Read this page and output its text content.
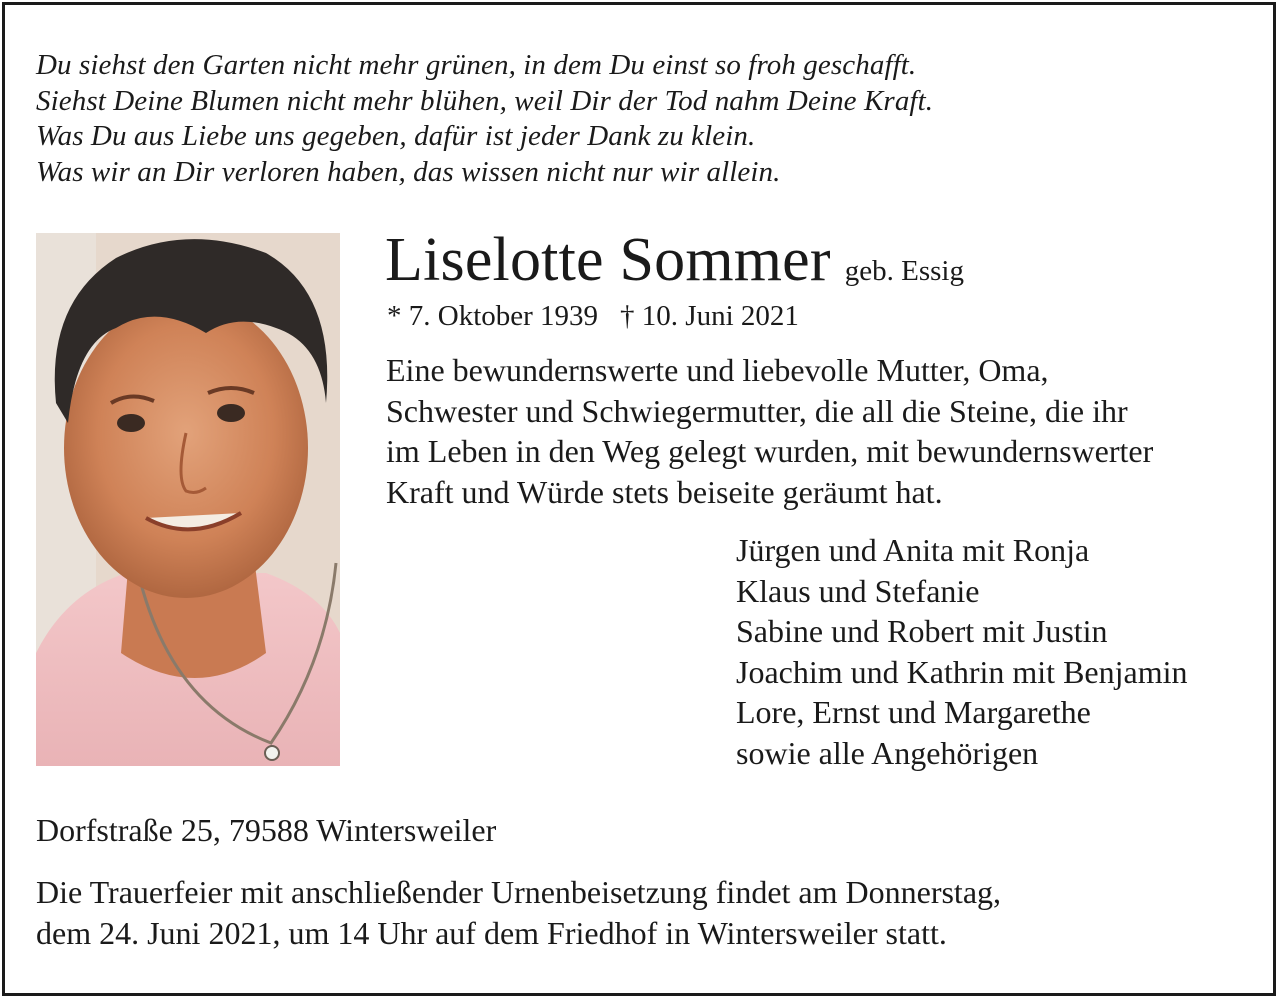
Du siehst den Garten nicht mehr grünen, in dem Du einst so froh geschafft.
Siehst Deine Blumen nicht mehr blühen, weil Dir der Tod nahm Deine Kraft.
Was Du aus Liebe uns gegeben, dafür ist jeder Dank zu klein.
Was wir an Dir verloren haben, das wissen nicht nur wir allein.
Liselotte Sommer geb. Essig
* 7. Oktober 1939 † 10. Juni 2021
Eine bewundernswerte und liebevolle Mutter, Oma,
Schwester und Schwiegermutter, die all die Steine, die ihr
im Leben in den Weg gelegt wurden, mit bewundernswerter
Kraft und Würde stets beiseite geräumt hat.
Jürgen und Anita mit Ronja
Klaus und Stefanie
Sabine und Robert mit Justin
Joachim und Kathrin mit Benjamin
Lore, Ernst und Margarethe
sowie alle Angehörigen
Dorfstraße 25, 79588 Wintersweiler
Die Trauerfeier mit anschließender Urnenbeisetzung findet am Donnerstag,
dem 24. Juni 2021, um 14 Uhr auf dem Friedhof in Wintersweiler statt.
